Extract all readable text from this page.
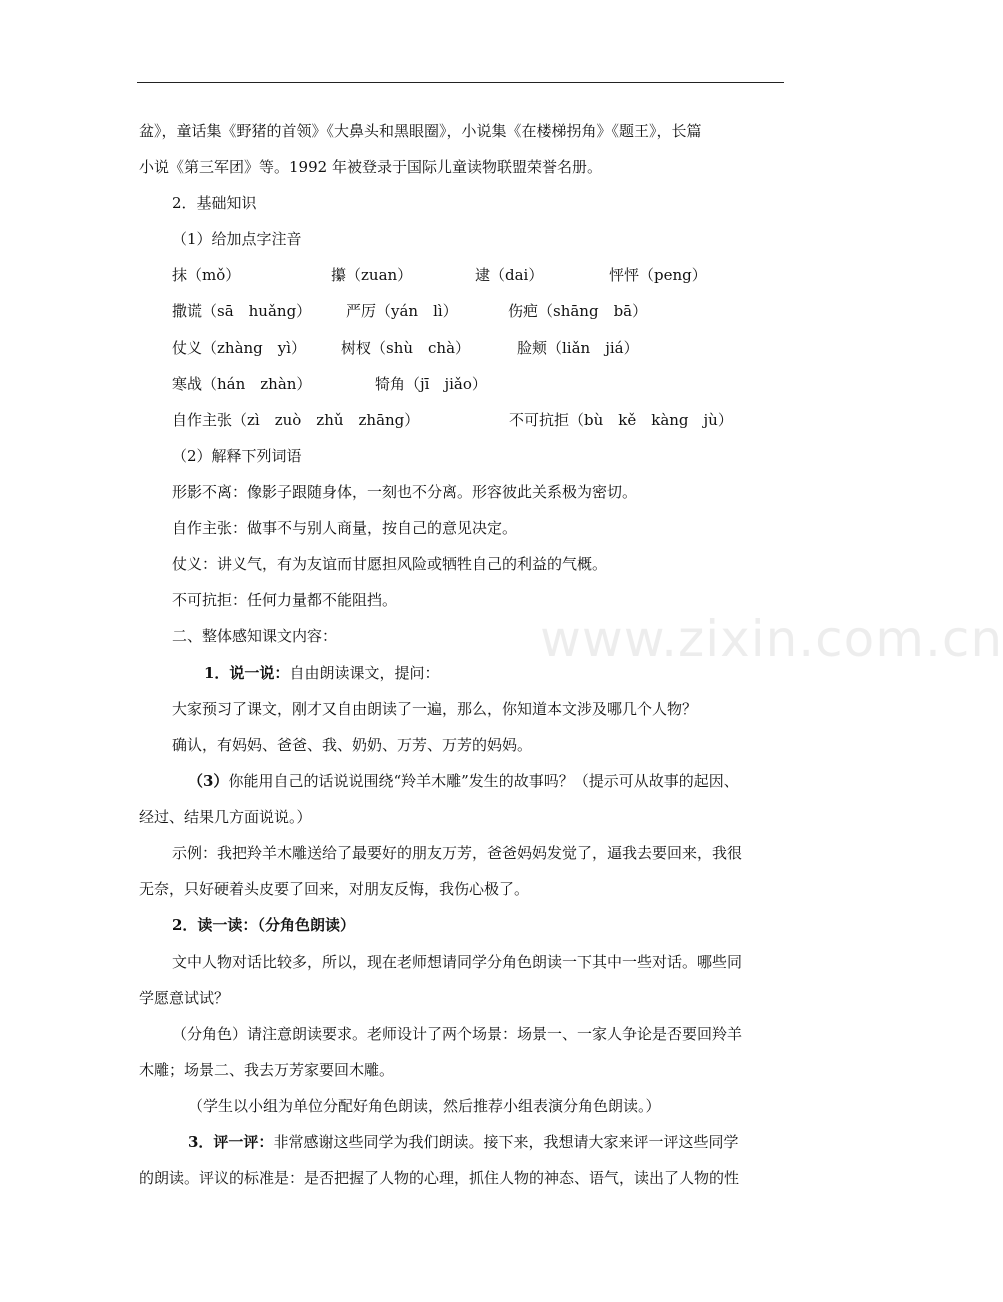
www.zixin.com.cn
盆》，童话集《野猪的首领》《大鼻头和黑眼圈》，小说集《在楼梯拐角》《题王》，长篇
小说《第三军团》等。1992 年被登录于国际儿童读物联盟荣誉名册。
2．基础知识
（1）给加点字注音
抹（mǒ）	攥（zuan）	逮（dai）	怦怦（peng）
撒谎（sā　huǎng） 严厉（yán　lì）	伤疤（shāng　bā）
仗义（zhàng　yì） 树杈（shù　chà）	脸颊（liǎn　jiá）
寒战（hán　zhàn）	犄角（jī　jiǎo）
自作主张（zì　zuò　zhǔ　zhāng）	不可抗拒（bù　kě　kàng　jù）
（2）解释下列词语
形影不离：像影子跟随身体，一刻也不分离。形容彼此关系极为密切。
自作主张：做事不与别人商量，按自己的意见决定。
仗义：讲义气，有为友谊而甘愿担风险或牺牲自己的利益的气概。
不可抗拒：任何力量都不能阻挡。
二、整体感知课文内容：
1．说一说：自由朗读课文，提问：
大家预习了课文，刚才又自由朗读了一遍，那么，你知道本文涉及哪几个人物？
确认，有妈妈、爸爸、我、奶奶、万芳、万芳的妈妈。
（3）你能用自己的话说说围绕“羚羊木雕”发生的故事吗？（提示可从故事的起因、
经过、结果几方面说说。）
示例：我把羚羊木雕送给了最要好的朋友万芳，爸爸妈妈发觉了，逼我去要回来，我很
无奈，只好硬着头皮要了回来，对朋友反悔，我伤心极了。
2．读一读：（分角色朗读）
文中人物对话比较多，所以，现在老师想请同学分角色朗读一下其中一些对话。哪些同
学愿意试试？
（分角色）请注意朗读要求。老师设计了两个场景：场景一、一家人争论是否要回羚羊
木雕；场景二、我去万芳家要回木雕。
（学生以小组为单位分配好角色朗读，然后推荐小组表演分角色朗读。）
3．评一评：非常感谢这些同学为我们朗读。接下来，我想请大家来评一评这些同学
的朗读。评议的标准是：是否把握了人物的心理，抓住人物的神态、语气，读出了人物的性
